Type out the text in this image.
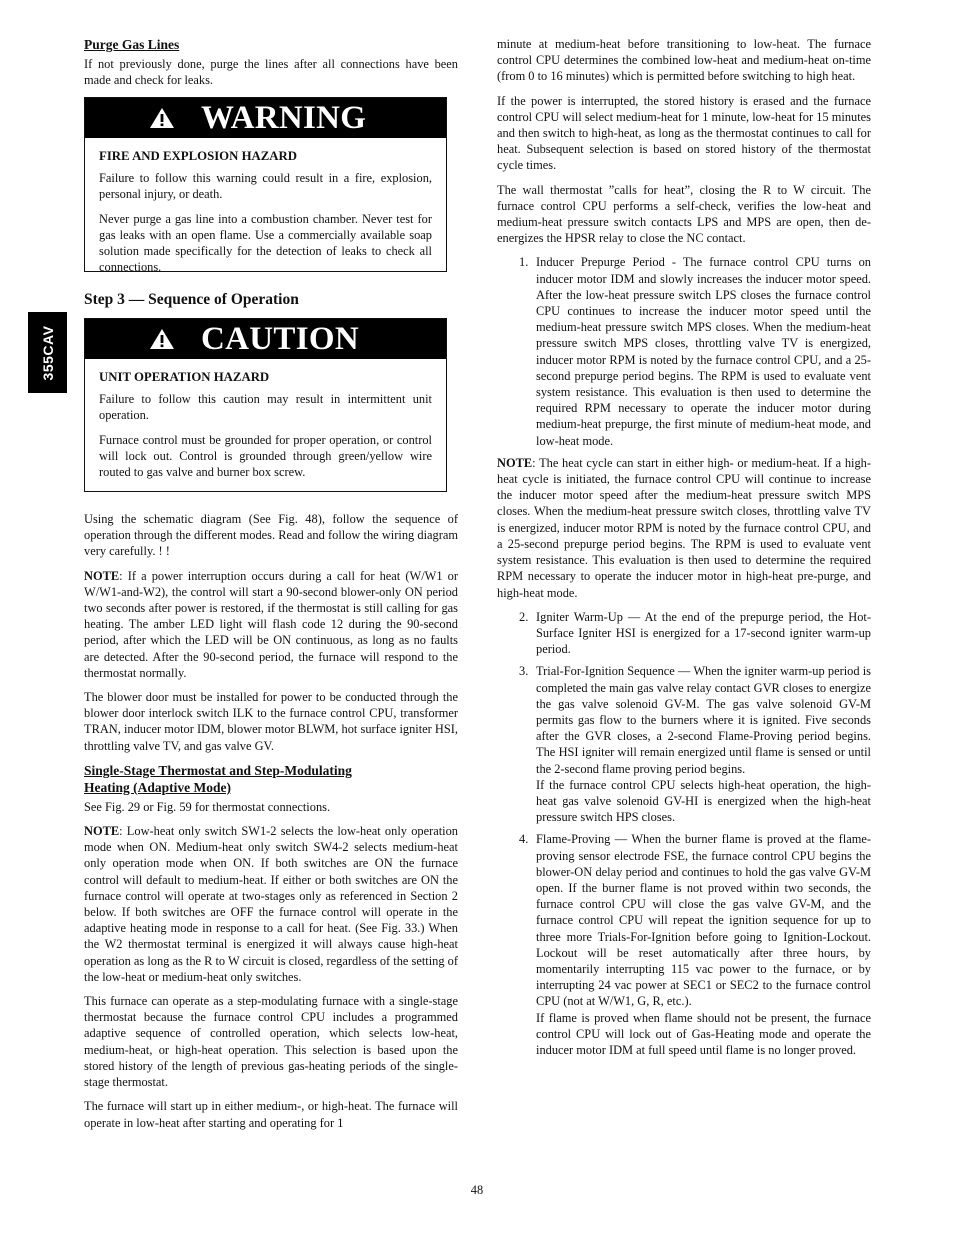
355CAV
Purge Gas Lines

If not previously done, purge the lines after all connections have been made and check for leaks.

WARNING

FIRE AND EXPLOSION HAZARD

Failure to follow this warning could result in a fire, explosion, personal injury, or death.

Never purge a gas line into a combustion chamber. Never test for gas leaks with an open flame. Use a commercially available soap solution made specifically for the detection of leaks to check all connections.

Step 3 — Sequence of Operation
CAUTION

UNIT OPERATION HAZARD

Failure to follow this caution may result in intermittent unit operation.

Furnace control must be grounded for proper operation, or control will lock out. Control is grounded through green/yellow wire routed to gas valve and burner box screw.

Using the schematic diagram (See Fig. 48), follow the sequence of operation through the different modes. Read and follow the wiring diagram very carefully. ! !

NOTE: If a power interruption occurs during a call for heat (W/W1 or W/W1-and-W2), the control will start a 90-second blower-only ON period two seconds after power is restored, if the thermostat is still calling for gas heating. The amber LED light will flash code 12 during the 90-second period, after which the LED will be ON continuous, as long as no faults are detected. After the 90-second period, the furnace will respond to the thermostat normally.

The blower door must be installed for power to be conducted through the blower door interlock switch ILK to the furnace control CPU, transformer TRAN, inducer motor IDM, blower motor BLWM, hot surface igniter HSI, throttling valve TV, and gas valve GV.

Single-Stage Thermostat and Step-Modulating
Heating (Adaptive Mode)

See Fig. 29 or Fig. 59 for thermostat connections.

NOTE: Low-heat only switch SW1-2 selects the low-heat only operation mode when ON. Medium-heat only switch SW4-2 selects medium-heat only operation mode when ON. If both switches are ON the furnace control will default to medium-heat. If either or both switches are ON the furnace control will operate at two-stages only as referenced in Section 2 below. If both switches are OFF the furnace control will operate in the adaptive heating mode in response to a call for heat. (See Fig. 33.) When the W2 thermostat terminal is energized it will always cause high-heat operation as long as the R to W circuit is closed, regardless of the setting of the low-heat or medium-heat only switches.

This furnace can operate as a step-modulating furnace with a single-stage thermostat because the furnace control CPU includes a programmed adaptive sequence of controlled operation, which selects low-heat, medium-heat, or high-heat operation. This selection is based upon the stored history of the length of previous gas-heating periods of the single-stage thermostat.

The furnace will start up in either medium-, or high-heat. The furnace will operate in low-heat after starting and operating for 1

minute at medium-heat before transitioning to low-heat. The furnace control CPU determines the combined low-heat and medium-heat on-time (from 0 to 16 minutes) which is permitted before switching to high heat.

If the power is interrupted, the stored history is erased and the furnace control CPU will select medium-heat for 1 minute, low-heat for 15 minutes and then switch to high-heat, as long as the thermostat continues to call for heat. Subsequent selection is based on stored history of the thermostat cycle times.

The wall thermostat ”calls for heat”, closing the R to W circuit. The furnace control CPU performs a self-check, verifies the low-heat and medium-heat pressure switch contacts LPS and MPS are open, then de-energizes the HPSR relay to close the NC contact.

1. Inducer Prepurge Period - The furnace control CPU turns on inducer motor IDM and slowly increases the inducer motor speed. After the low-heat pressure switch LPS closes the furnace control CPU continues to increase the inducer motor speed until the medium-heat pressure switch MPS closes. When the medium-heat pressure switch MPS closes, throttling valve TV is energized, inducer motor RPM is noted by the furnace control CPU, and a 25-second prepurge period begins. The RPM is used to evaluate vent system resistance. This evaluation is then used to determine the required RPM necessary to operate the inducer motor during medium-heat prepurge, the first minute of medium-heat mode, and low-heat mode.

NOTE: The heat cycle can start in either high- or medium-heat. If a high-heat cycle is initiated, the furnace control CPU will continue to increase the inducer motor speed after the medium-heat pressure switch MPS closes. When the medium-heat pressure switch closes, throttling valve TV is energized, inducer motor RPM is noted by the furnace control CPU, and a 25-second prepurge period begins. The RPM is used to evaluate vent system resistance. This evaluation is then used to determine the required RPM necessary to operate the inducer motor in high-heat pre-purge, and high-heat mode.

2. Igniter Warm-Up — At the end of the prepurge period, the Hot-Surface Igniter HSI is energized for a 17-second igniter warm-up period.

3. Trial-For-Ignition Sequence — When the igniter warm-up period is completed the main gas valve relay contact GVR closes to energize the gas valve solenoid GV-M. The gas valve solenoid GV-M permits gas flow to the burners where it is ignited. Five seconds after the GVR closes, a 2-second Flame-Proving period begins. The HSI igniter will remain energized until flame is sensed or until the 2-second flame proving period begins.

If the furnace control CPU selects high-heat operation, the high-heat gas valve solenoid GV-HI is energized when the high-heat pressure switch HPS closes.

4. Flame-Proving — When the burner flame is proved at the flame-proving sensor electrode FSE, the furnace control CPU begins the blower-ON delay period and continues to hold the gas valve GV-M open. If the burner flame is not proved within two seconds, the furnace control CPU will close the gas valve GV-M, and the furnace control CPU will repeat the ignition sequence for up to three more Trials-For-Ignition before going to Ignition-Lockout. Lockout will be reset automatically after three hours, by momentarily interrupting 115 vac power to the furnace, or by interrupting 24 vac power at SEC1 or SEC2 to the furnace control CPU (not at W/W1, G, R, etc.).

If flame is proved when flame should not be present, the furnace control CPU will lock out of Gas-Heating mode and operate the inducer motor IDM at full speed until flame is no longer proved.

48
